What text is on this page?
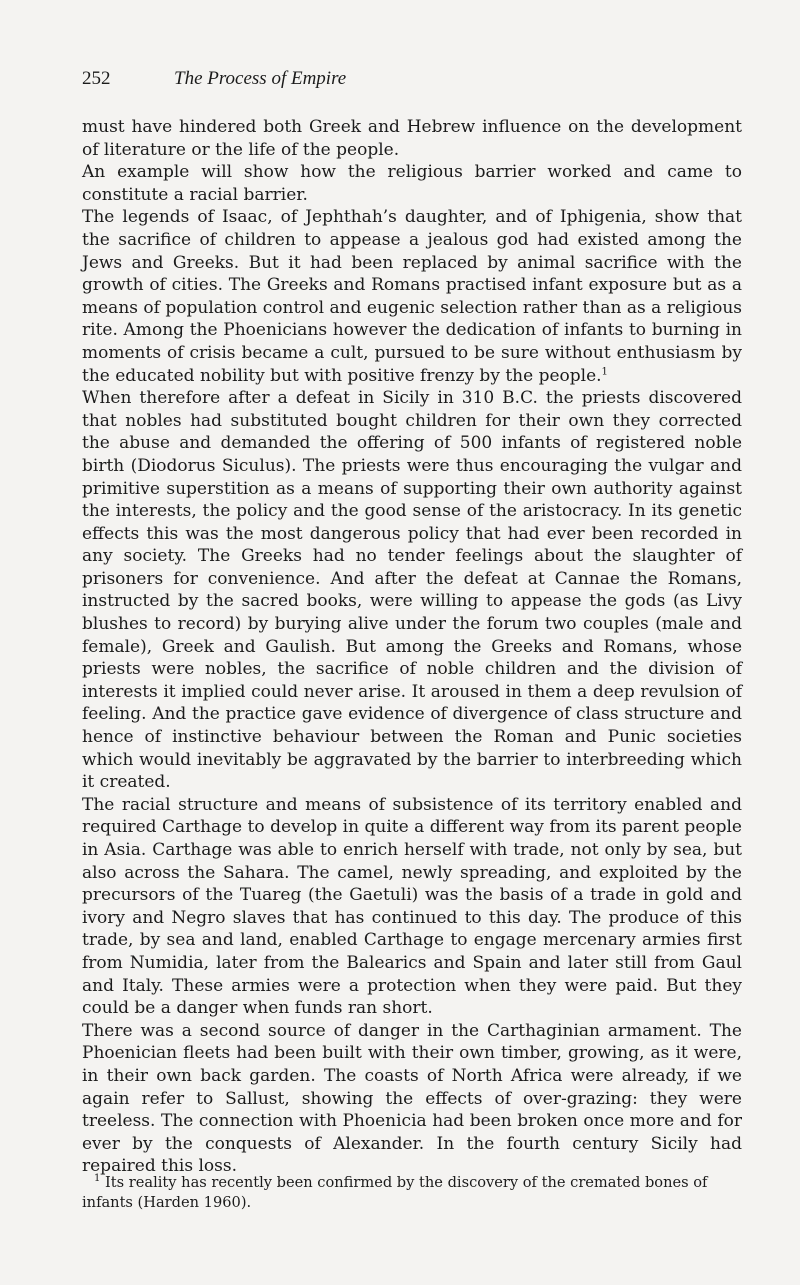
252	The Process of Empire

must have hindered both Greek and Hebrew influence on the development of literature or the life of the people.

An example will show how the religious barrier worked and came to constitute a racial barrier.

The legends of Isaac, of Jephthah’s daughter, and of Iphigenia, show that the sacrifice of children to appease a jealous god had existed among the Jews and Greeks. But it had been replaced by animal sacrifice with the growth of cities. The Greeks and Romans practised infant exposure but as a means of population control and eugenic selection rather than as a religious rite. Among the Phoenicians however the dedication of infants to burning in moments of crisis became a cult, pursued to be sure without enthusiasm by the educated nobility but with positive frenzy by the people.$^1$

When therefore after a defeat in Sicily in 310 B.C. the priests discovered that nobles had substituted bought children for their own they corrected the abuse and demanded the offering of 500 infants of registered noble birth (Diodorus Siculus). The priests were thus encouraging the vulgar and primitive superstition as a means of supporting their own authority against the interests, the policy and the good sense of the aristocracy. In its genetic effects this was the most dangerous policy that had ever been recorded in any society. The Greeks had no tender feelings about the slaughter of prisoners for convenience. And after the defeat at Cannae the Romans, instructed by the sacred books, were willing to appease the gods (as Livy blushes to record) by burying alive under the forum two couples (male and female), Greek and Gaulish. But among the Greeks and Romans, whose priests were nobles, the sacrifice of noble children and the division of interests it implied could never arise. It aroused in them a deep revulsion of feeling. And the practice gave evidence of divergence of class structure and hence of instinctive behaviour between the Roman and Punic societies which would inevitably be aggravated by the barrier to interbreeding which it created.

The racial structure and means of subsistence of its territory enabled and required Carthage to develop in quite a different way from its parent people in Asia. Carthage was able to enrich herself with trade, not only by sea, but also across the Sahara. The camel, newly spreading, and exploited by the precursors of the Tuareg (the Gaetuli) was the basis of a trade in gold and ivory and Negro slaves that has continued to this day. The produce of this trade, by sea and land, enabled Carthage to engage mercenary armies first from Numidia, later from the Balearics and Spain and later still from Gaul and Italy. These armies were a protection when they were paid. But they could be a danger when funds ran short.

There was a second source of danger in the Carthaginian armament. The Phoenician fleets had been built with their own timber, growing, as it were, in their own back garden. The coasts of North Africa were already, if we again refer to Sallust, showing the effects of over-grazing: they were treeless. The connection with Phoenicia had been broken once more and for ever by the conquests of Alexander. In the fourth century Sicily had repaired this loss.

$^1$ Its reality has recently been confirmed by the discovery of the cremated bones of infants (Harden 1960).
